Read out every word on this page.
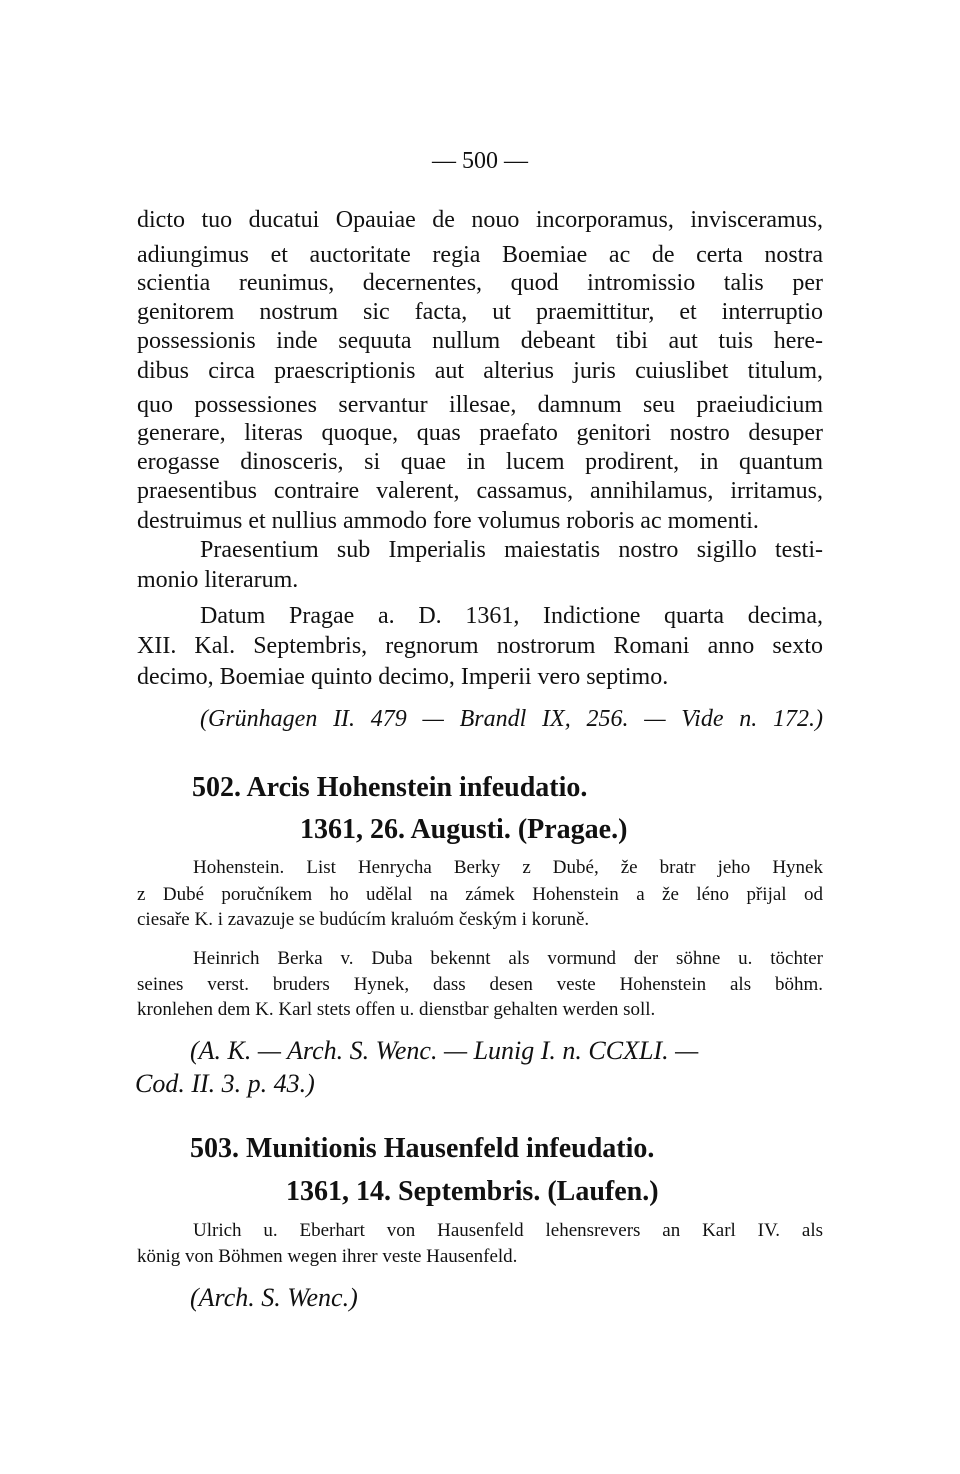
— 500 —
dicto tuo ducatui Opauiae de nouo incorporamus, invisceramus,
adiungimus et auctoritate regia Boemiae ac de certa nostra
scientia reunimus, decernentes, quod intromissio talis per
genitorem nostrum sic facta, ut praemittitur, et interruptio
possessionis inde sequuta nullum debeant tibi aut tuis here-
dibus circa praescriptionis aut alterius juris cuiuslibet titulum,
quo possessiones servantur illesae, damnum seu praeiudicium
generare, literas quoque, quas praefato genitori nostro desuper
erogasse dinosceris, si quae in lucem prodirent, in quantum
praesentibus contraire valerent, cassamus, annihilamus, irritamus,
destruimus et nullius ammodo fore volumus roboris ac momenti.
Praesentium sub Imperialis maiestatis nostro sigillo testi-
monio literarum.
Datum Pragae a. D. 1361, Indictione quarta decima,
XII. Kal. Septembris, regnorum nostrorum Romani anno sexto
decimo, Boemiae quinto decimo, Imperii vero septimo.
(Grünhagen II. 479 — Brandl IX, 256. — Vide n. 172.)
502. Arcis Hohenstein infeudatio.
1361, 26. Augusti. (Pragae.)
Hohenstein. List Henrycha Berky z Dubé, že bratr jeho Hynek
z Dubé poručníkem ho udělal na zámek Hohenstein a že léno přijal od
ciesaře K. i zavazuje se budúcím kraluóm českým i koruně.
Heinrich Berka v. Duba bekennt als vormund der söhne u. töchter
seines verst. bruders Hynek, dass desen veste Hohenstein als böhm.
kronlehen dem K. Karl stets offen u. dienstbar gehalten werden soll.
(A. K. — Arch. S. Wenc. — Lunig I. n. CCXLI. —
Cod. II. 3. p. 43.)
503. Munitionis Hausenfeld infeudatio.
1361, 14. Septembris. (Laufen.)
Ulrich u. Eberhart von Hausenfeld lehensrevers an Karl IV. als
könig von Böhmen wegen ihrer veste Hausenfeld.
(Arch. S. Wenc.)
